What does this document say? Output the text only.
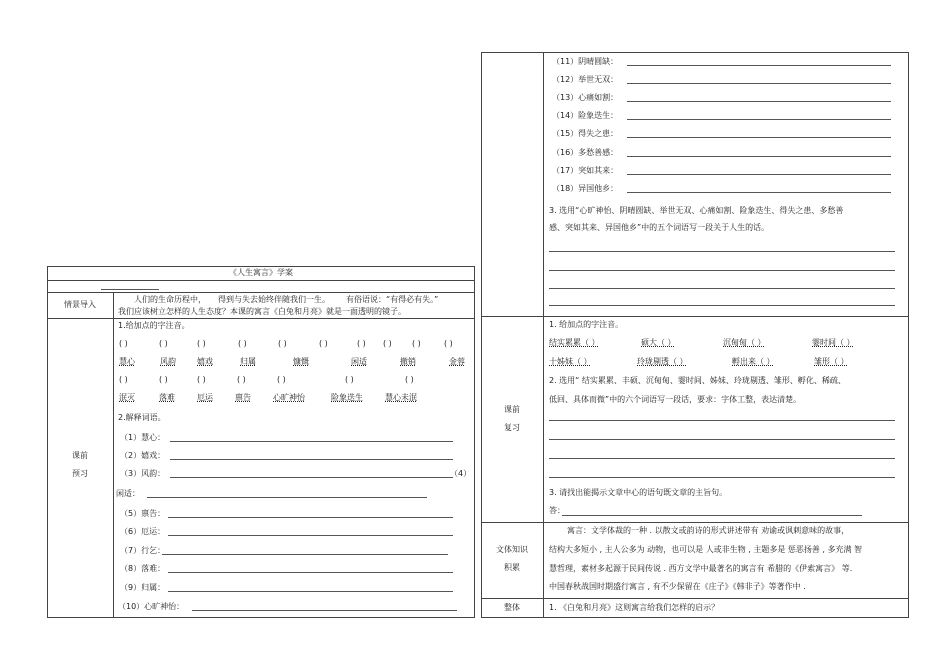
《人生寓言》学案
情景导入
人们的生命历程中， 得到与失去始终伴随我们一生。 有俗语说：“有得必有失。”
我们应该树立怎样的人生态度？本课的寓言《白兔和月亮》就是一面透明的镜子。
课前
预习
1.给加点的字注音。
( )	( )	( )	( )	( )	( )	( ) ( )	( )	( )
慧心	风韵	嬉戏	归属	慷慨	闲适	撤销	金蓉
( )	( )	( )	( )	( )	( )	( )
泯灭	落难	厄运	禀告	心旷神怡	险象迭生	慧心未泯
2.解释词语。
（1）慧心：
（2）嬉戏：
（3）风韵：	（4）
闲适：
（5）禀告：
（6）厄运：
（7）行乞：
（8）落难：
（9）归属：
（10）心旷神怡：
（11）阴晴圆缺：
（12）举世无双：
（13）心痛如割：
（14）险象迭生：
（15）得失之患：
（16）多愁善感：
（17）突如其来：
（18）异国他乡：
3. 选用“心旷神怡、阴晴圆缺、举世无双、心痛如割、险象迭生、得失之患、多愁善
感、突如其来、异国他乡”中的五个词语写一段关于人生的话。
课前
复习
1. 给加点的字注音。
结实累累（ ）	硕大（ ）	沉甸甸（ ）	霎时间（ ）
十姊妹（ ）	玲珑剔透（ ）	孵出来（ ）	雏形（ ）
2. 选用“ 结实累累、丰硕、沉甸甸、霎时间、姊妹、玲珑剔透、雏形、孵化、稀疏、
低回、具体而微”中的六个词语写一段话，要求：字体工整，表达清楚。
3. 请找出能揭示文章中心的语句既文章的主旨句。
答：
文体知识
积累
寓言：文学体裁的一种 . 以散文或韵诗的形式讲述带有 劝谕或讽刺意味的故事，
结构大多短小 , 主人公多为 动物，也可以是 人或非生物 , 主题多是 惩恶扬善 , 多充满 智
慧哲理，素材多起源于民间传说 . 西方文学中最著名的寓言有 希腊的《伊索寓言》 等.
中国春秋战国时期盛行寓言 , 有不少保留在《庄子》《韩非子》等著作中 .
整体	1. 《白兔和月亮》这则寓言给我们怎样的启示？
